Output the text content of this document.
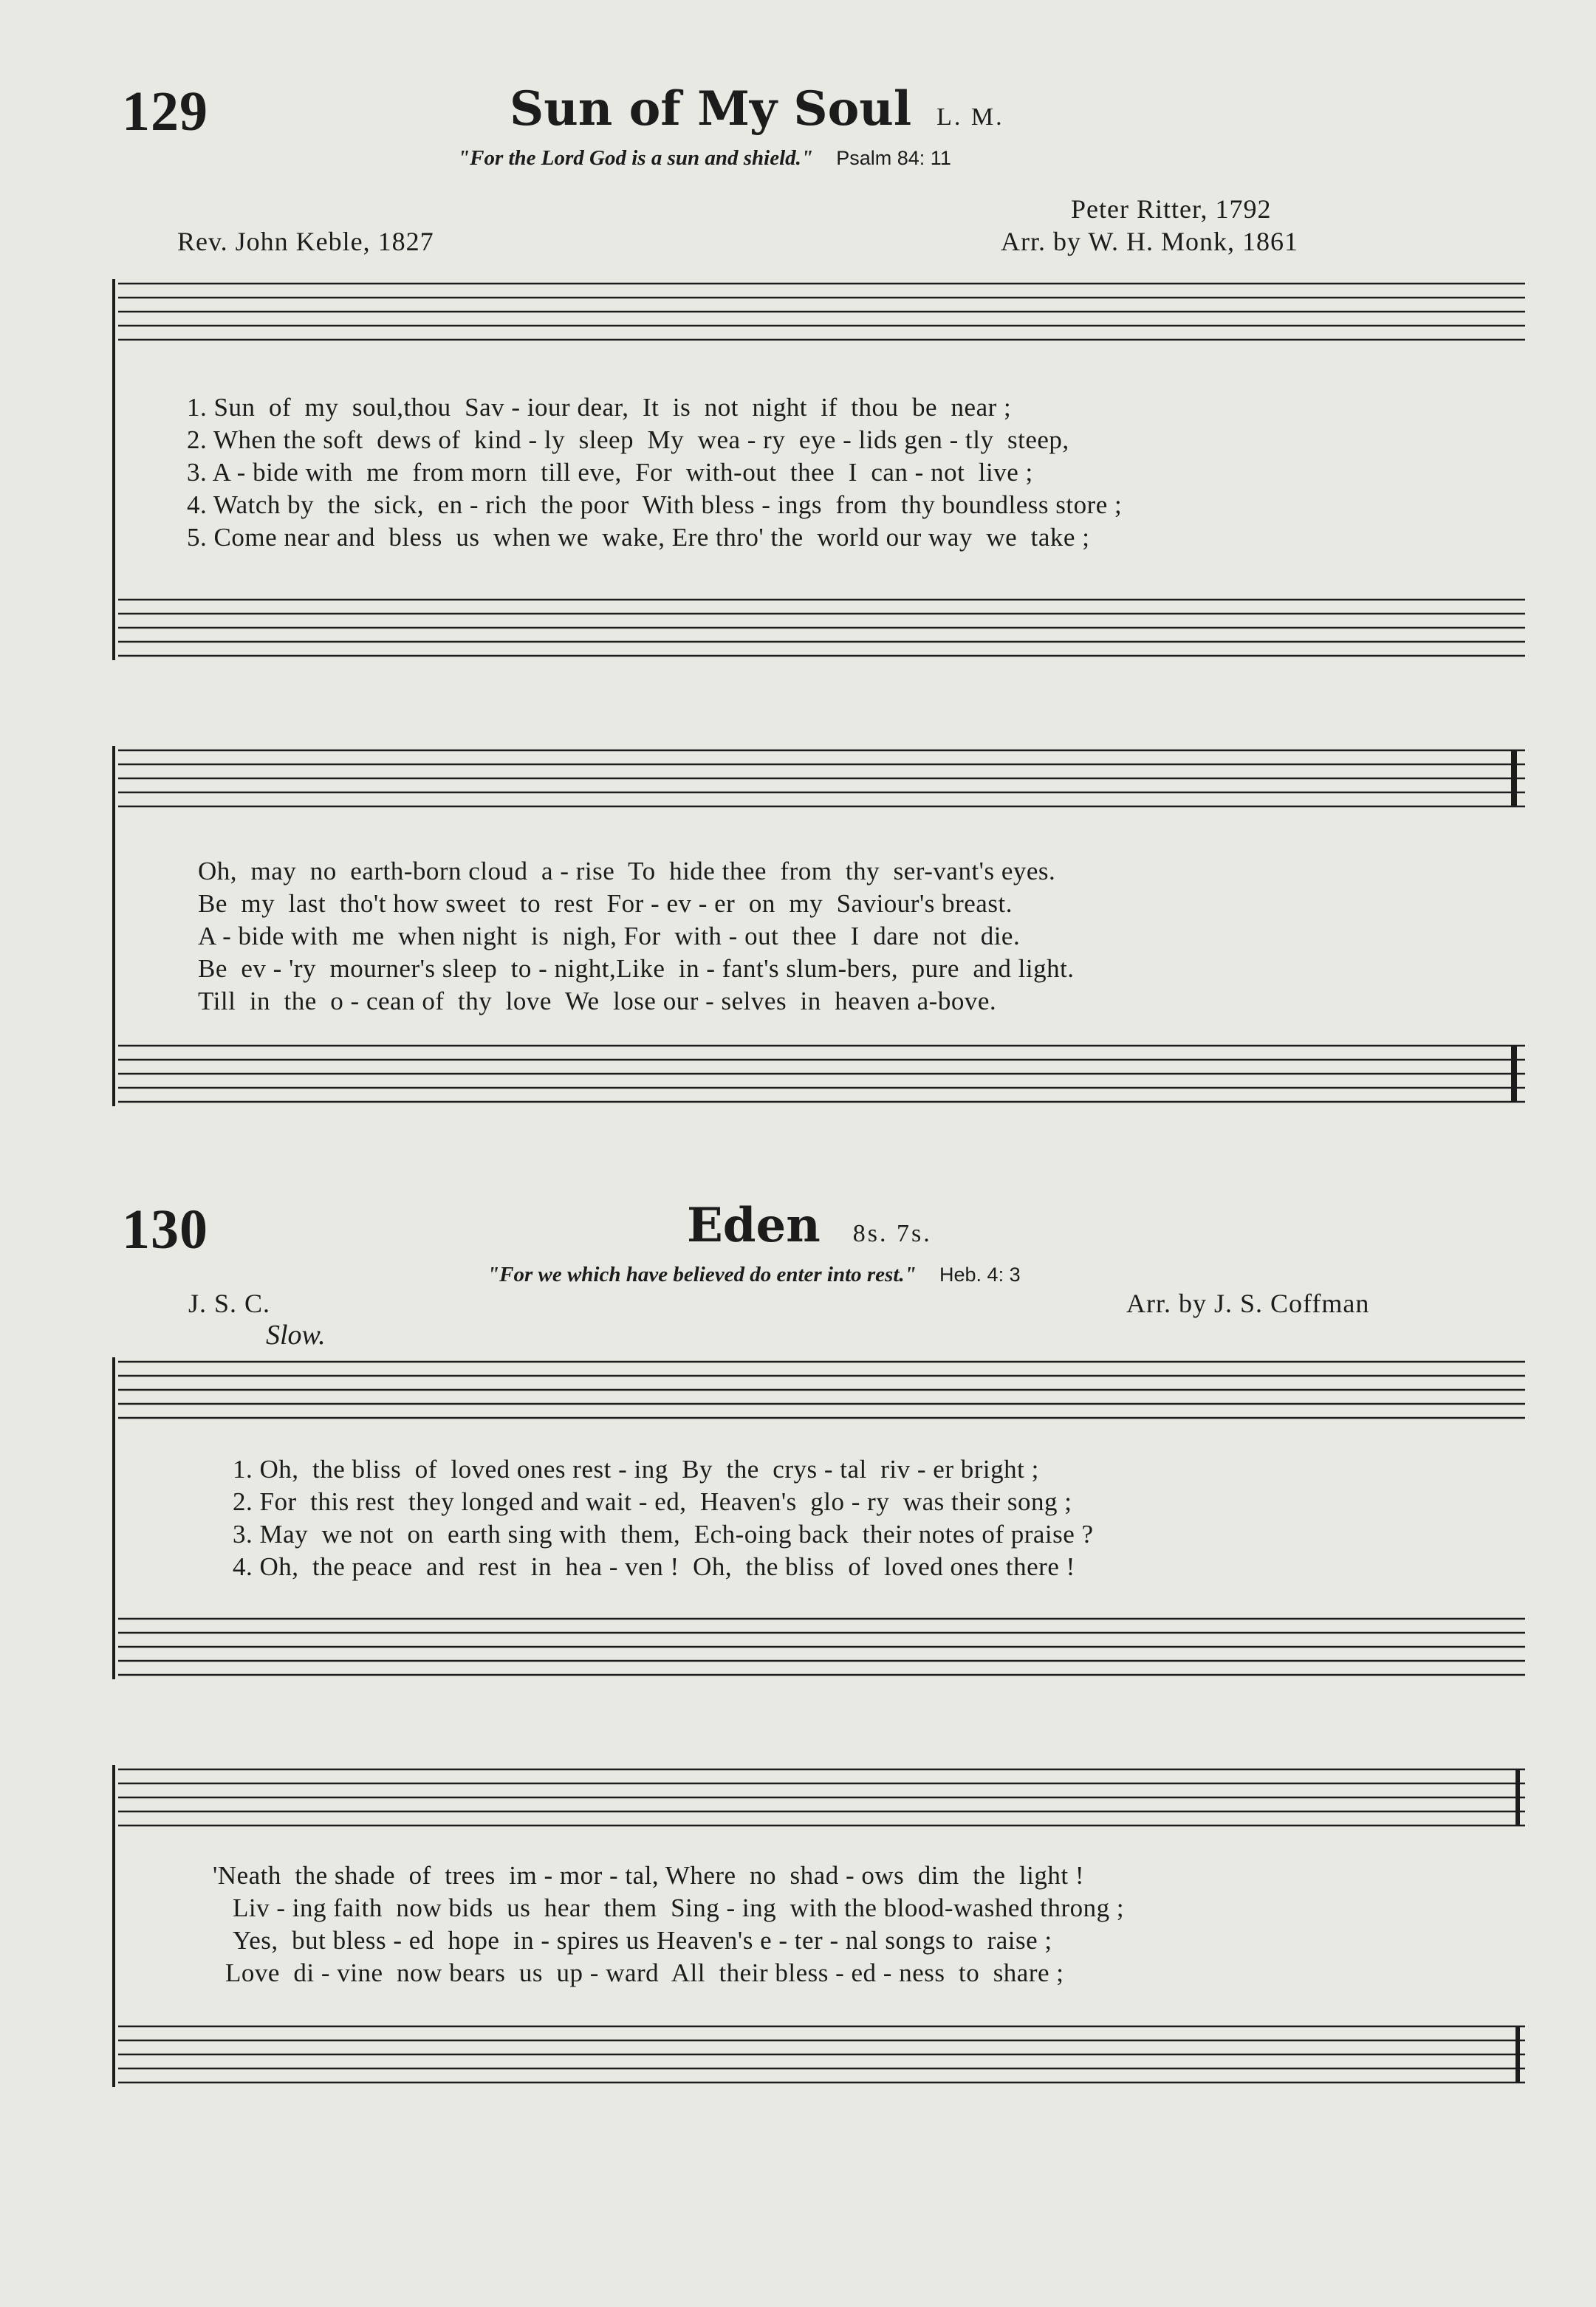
129	Sun of My Soul L. M.
"For the Lord God is a sun and shield." Psalm 84: 11
Peter Ritter, 1792
Rev. John Keble, 1827	Arr. by W. H. Monk, 1861
1. Sun  of  my  soul,thou  Sav - iour dear,  It  is  not  night  if  thou  be  near ;
2. When the soft  dews of  kind - ly  sleep  My  wea - ry  eye - lids gen - tly  steep,
3. A - bide with  me  from morn  till eve,  For  with-out  thee  I  can - not  live ;
4. Watch by  the  sick,  en - rich  the poor  With bless - ings  from  thy boundless store ;
5. Come near and  bless  us  when we  wake, Ere thro' the  world our way  we  take ;
Oh,  may  no  earth-born cloud  a - rise  To  hide thee  from  thy  ser-vant's eyes.
Be  my  last  tho't how sweet  to  rest  For - ev - er  on  my  Saviour's breast.
A - bide with  me  when night  is  nigh, For  with - out  thee  I  dare  not  die.
Be  ev - 'ry  mourner's sleep  to - night,Like  in - fant's slum-bers,  pure  and light.
Till  in  the  o - cean of  thy  love  We  lose our - selves  in  heaven a-bove.
130	Eden 8s. 7s.
"For we which have believed do enter into rest." Heb. 4: 3
J. S. C.	Arr. by J. S. Coffman
Slow.
1. Oh,  the bliss  of  loved ones rest - ing  By  the  crys - tal  riv - er bright ;
2. For  this rest  they longed and wait - ed,  Heaven's  glo - ry  was their song ;
3. May  we not  on  earth sing with  them,  Ech-oing back  their notes of praise ?
4. Oh,  the peace  and  rest  in  hea - ven !  Oh,  the bliss  of  loved ones there !
'Neath  the shade  of  trees  im - mor - tal, Where  no  shad - ows  dim  the  light !
Liv - ing faith  now bids  us  hear  them  Sing - ing  with the blood-washed throng ;
Yes,  but bless - ed  hope  in - spires us Heaven's e - ter - nal songs to  raise ;
Love  di - vine  now bears  us  up - ward  All  their bless - ed - ness  to  share ;
